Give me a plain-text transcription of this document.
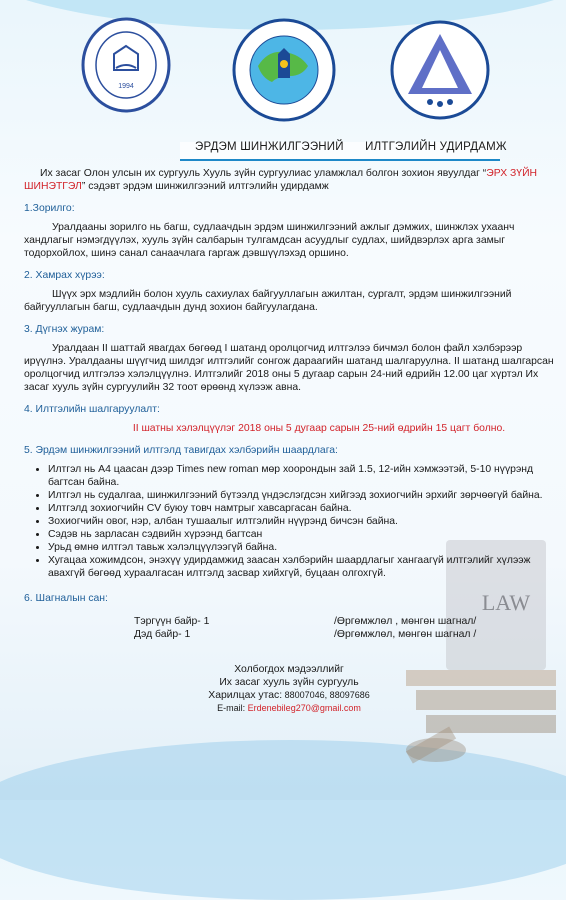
1994
ЭРДЭМ ШИНЖИЛГЭЭНИЙ ИЛТГЭЛИЙН УДИРДАМЖ
LAW

Их засаг Олон улсын их сургууль Хууль зүйн сургуулиас уламжлал болгон зохион явуулдаг “ЭРХ ЗҮЙН ШИНЭТГЭЛ” сэдэвт эрдэм шинжилгээний илтгэлийн удирдамж

1.Зорилго:

Уралдааны зорилго нь багш, судлаачдын эрдэм шинжилгээний ажлыг дэмжих, шинжлэх ухаанч хандлагыг нэмэгдүүлэх, хууль зүйн салбарын тулгамдсан асуудлыг судлах, шийдвэрлэх арга замыг тодорхойлох, шинэ санал санаачлага гаргаж дэвшүүлэхэд оршино.

2. Хамрах хүрээ:

Шүүх эрх мэдлийн болон хууль сахиулах байгууллагын ажилтан, сургалт, эрдэм шинжилгээний байгууллагын багш, судлаачдын дунд зохион байгуулагдана.

3. Дүгнэх журам:

Уралдаан II шаттай явагдах бөгөөд I шатанд оролцогчид илтгэлээ бичмэл болон файл хэлбэрээр ирүүлнэ. Уралдааны шүүгчид шилдэг илтгэлийг сонгож дараагийн шатанд шалгаруулна. II шатанд шалгарсан оролцогчид илтгэлээ хэлэлцүүлнэ. Илтгэлийг 2018 оны 5 дугаар сарын 24-ний өдрийн 12.00 цаг хүртэл Их засаг хууль зүйн сургуулийн 32 тоот өрөөнд хүлээж авна.

4. Илтгэлийн шалгаруулалт:

II шатны хэлэлцүүлэг 2018 оны 5 дугаар сарын 25-ний өдрийн 15 цагт болно.

5. Эрдэм шинжилгээний илтгэлд тавигдах хэлбэрийн шаардлага:

• Илтгэл нь А4 цаасан дээр Times new roman мөр хоорондын зай 1.5, 12-ийн хэмжээтэй, 5-10 нүүрэнд багтсан байна.
• Илтгэл нь судалгаа, шинжилгээний бүтээлд үндэслэгдсэн хийгээд зохиогчийн эрхийг зөрчөөгүй байна.
• Илтгэлд зохиогчийн CV буюу товч намтрыг хавсаргасан байна.
• Зохиогчийн овог, нэр, албан тушаалыг илтгэлийн нүүрэнд бичсэн байна.
• Сэдэв нь зарласан сэдвийн хүрээнд багтсан
• Урьд өмнө илтгэл тавьж хэлэлцүүлээгүй байна.
• Хугацаа хожимдсон, энэхүү удирдамжид заасан хэлбэрийн шаардлагыг хангаагүй илтгэлийг хүлээж авахгүй бөгөөд хураалгасан илтгэлд засвар хийхгүй, буцаан олгохгүй.

6. Шагналын сан:

Тэргүүн байр- 1	/Өргөмжлөл , мөнгөн шагнал/
Дэд байр- 1	/Өргөмжлөл, мөнгөн шагнал /

Холбогдох мэдээллийг

Их засаг хууль зүйн сургууль

Харилцах утас: 88007046, 88097686

E-mail: Erdenebileg270@gmail.com
